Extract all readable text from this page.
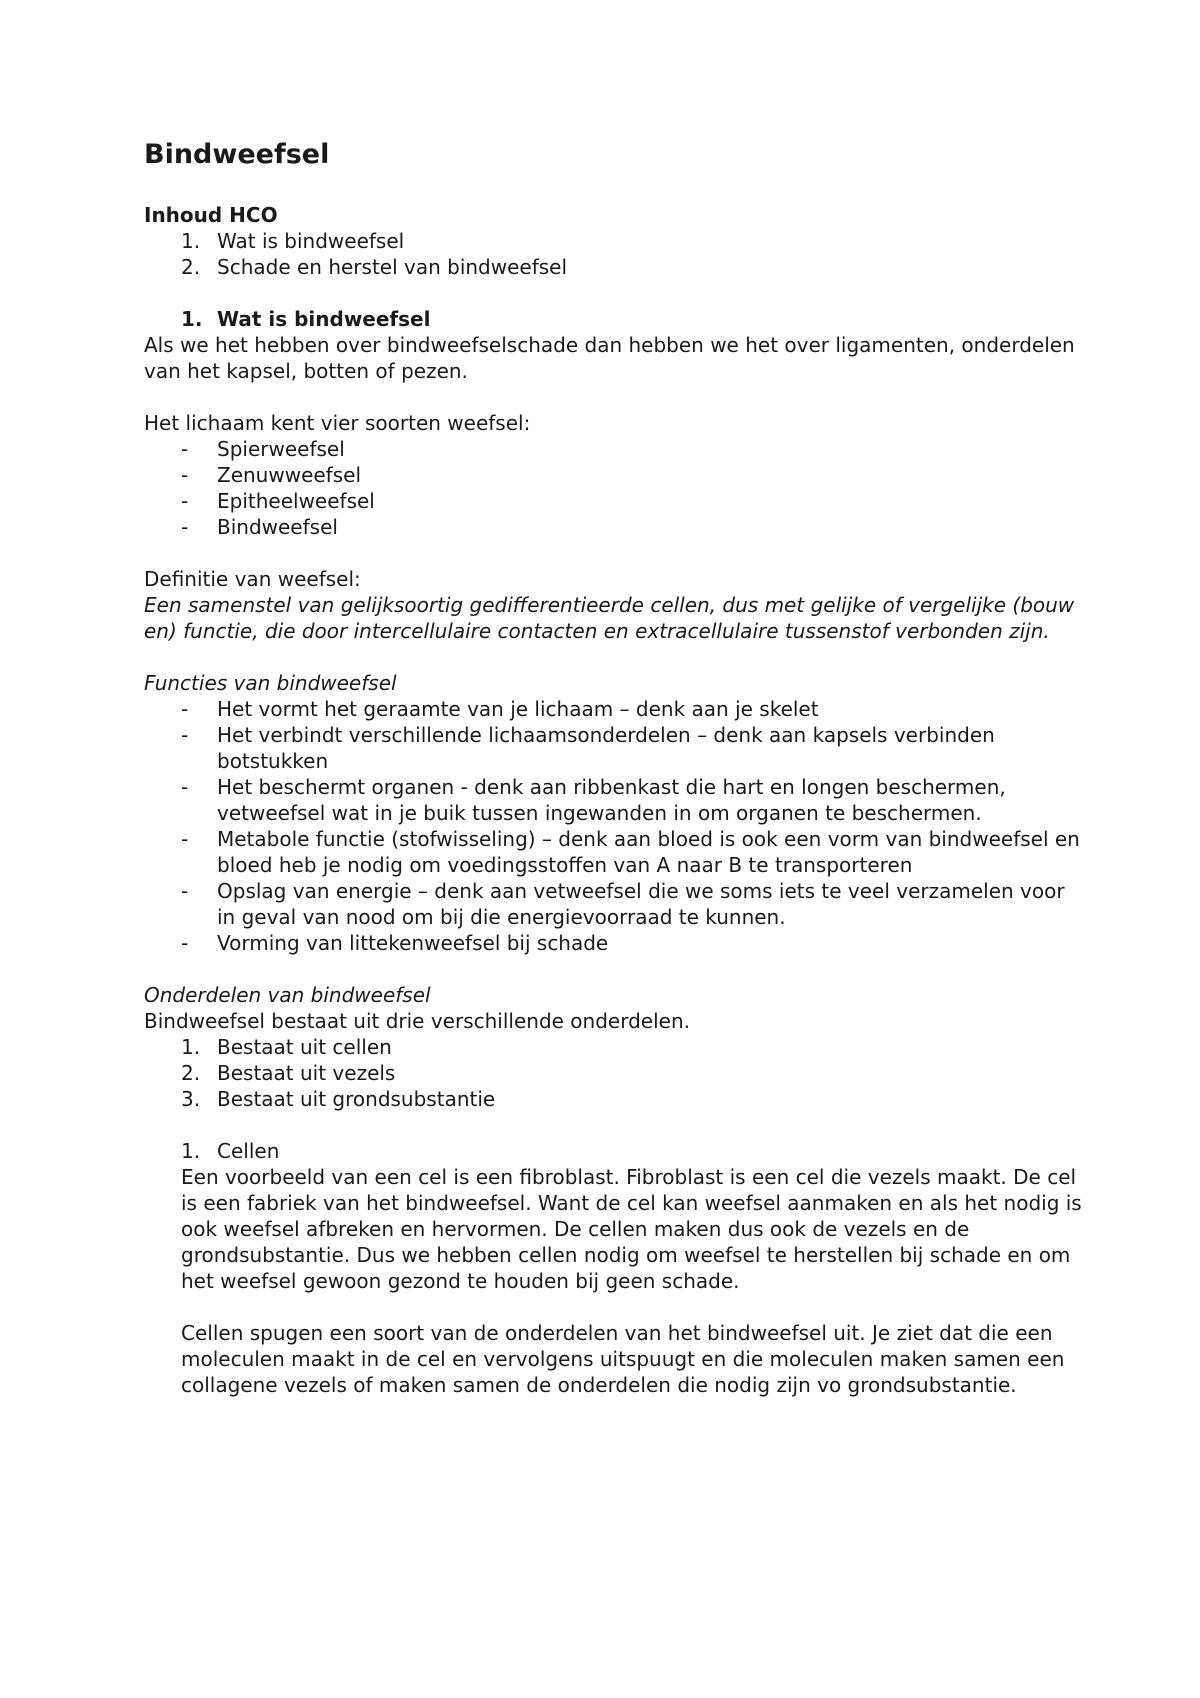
Bindweefsel
Inhoud HCO
1. Wat is bindweefsel
2. Schade en herstel van bindweefsel
1. Wat is bindweefsel

Als we het hebben over bindweefselschade dan hebben we het over ligamenten, onderdelen van het kapsel, botten of pezen.

Het lichaam kent vier soorten weefsel:

- Spierweefsel
- Zenuwweefsel
- Epitheelweefsel
- Bindweefsel

Definitie van weefsel:

Een samenstel van gelijksoortig gedifferentieerde cellen, dus met gelijke of vergelijke (bouw en) functie, die door intercellulaire contacten en extracellulaire tussenstof verbonden zijn.

Functies van bindweefsel

- Het vormt het geraamte van je lichaam – denk aan je skelet
- Het verbindt verschillende lichaamsonderdelen – denk aan kapsels verbinden botstukken
- Het beschermt organen - denk aan ribbenkast die hart en longen beschermen, vetweefsel wat in je buik tussen ingewanden in om organen te beschermen.
- Metabole functie (stofwisseling) – denk aan bloed is ook een vorm van bindweefsel en bloed heb je nodig om voedingsstoffen van A naar B te transporteren
- Opslag van energie – denk aan vetweefsel die we soms iets te veel verzamelen voor in geval van nood om bij die energievoorraad te kunnen.
- Vorming van littekenweefsel bij schade

Onderdelen van bindweefsel

Bindweefsel bestaat uit drie verschillende onderdelen.

1. Bestaat uit cellen
2. Bestaat uit vezels
3. Bestaat uit grondsubstantie
1. Cellen

Een voorbeeld van een cel is een fibroblast. Fibroblast is een cel die vezels maakt. De cel is een fabriek van het bindweefsel. Want de cel kan weefsel aanmaken en als het nodig is ook weefsel afbreken en hervormen. De cellen maken dus ook de vezels en de grondsubstantie. Dus we hebben cellen nodig om weefsel te herstellen bij schade en om het weefsel gewoon gezond te houden bij geen schade.

Cellen spugen een soort van de onderdelen van het bindweefsel uit. Je ziet dat die een moleculen maakt in de cel en vervolgens uitspuugt en die moleculen maken samen een collagene vezels of maken samen de onderdelen die nodig zijn vo grondsubstantie.
